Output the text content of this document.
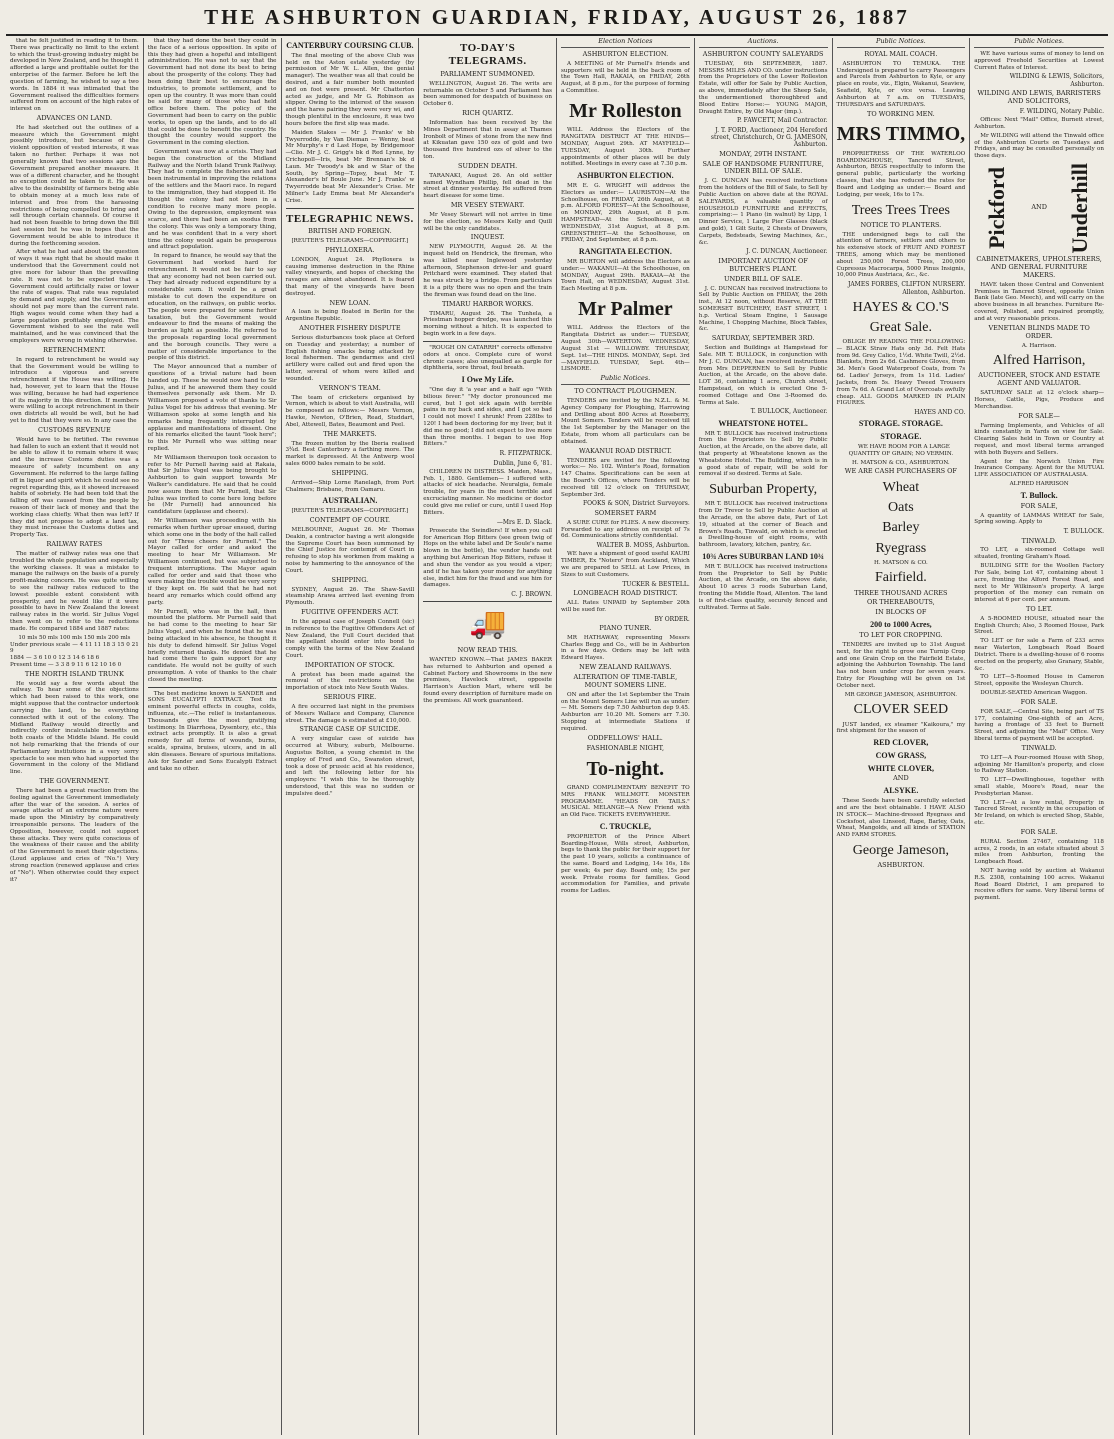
THE ASHBURTON GUARDIAN, FRIDAY, AUGUST 26, 1887

that he felt justified in reading it to them. There was practically no limit to the extent to which the trust-growing industry might be developed in New Zealand, and he thought it afforded a large and profitable outlet for the enterprise of the farmer. Before he left the question of farming, he wished to say a two words. In 1884 it was intimated that the Government realised the difficulties formers suffered from on account of the high rates of interest on

ADVANCES ON LAND.

He had sketched out the outlines of a measure which the Government might possibly introduce, but because of the violent opposition of vested interests, it was taken no further. Perhaps it was not generally known that two sessions ago the Government prepared another measure. It was of a different character, and he thought no exception could be taken to it. He was alive to the desirability of farmers being able to obtain money at a much less rate of interest and free from the harassing restrictions of being compelled to bring and sell through certain channels. Of course it had not been feasible to bring down the Bill last session but he was in hopes that the Government would be able to introduce it during the forthcoming session.

After what he had said about the question of ways it was right that he should make it understood that the Government could not give more for labour than the prevailing rate. It was not to be expected that a Government could artificially raise or lower the rate of wages. That rate was regulated by demand and supply, and the Government should not pay more than the current rate. High wages would come when they had a large population profitably employed. The Government wished to see the rate well maintained, and he was convinced that the employers were wrong in wishing otherwise.

RETRENCHMENT.

In regard to retrenchment he would say that the Government would be willing to introduce a vigorous and severe retrenchment if the House was willing. He had, however, yet to learn that the House was willing, because he had had experience of its majority in this direction. If members were willing to accept retrenchment in their own districts all would be well, but he had yet to find that they were so. In any case the

CUSTOMS REVENUE

Would have to be fortified. The revenue had fallen to such an extent that it would not be able to allow it to remain where it was; and the increase Customs duties was a measure of safety incumbent on any Government. He referred to the large falling off in liquor and spirit which he could see no regret regarding this, as it showed increased habits of sobriety. He had been told that the falling off was caused from the people by reason of their lack of money and that the working class chiefly. What then was left? If they did not propose to adopt a land tax, they must increase the Customs duties and Property Tax.

RAILWAY RATES

The matter of railway rates was one that troubled the whole population and especially the working classes. It was a mistake to manage the railways on the basis of a purely profit-making concern. He was quite willing to see the railway rates reduced to the lowest possible extent consistent with prosperity, and he would like if it were possible to have in New Zealand the lowest railway rates in the world. Sir Julius Vogel then went on to refer to the reductions made. He compared 1884 and 1887 rates:

10 mls 50 mls 100 mls 150 mls 200 mls
Under previous scale — 4 11 11 18 3 15 0 21 9
1884 — 3 6 10 0 12 3 14 6 18 6
Present time — 3 3 8 9 11 6 12 10 16 0
THE NORTH ISLAND TRUNK

He would say a few words about the railway. To hear some of the objections which had been raised to this work, one might suppose that the contractor undertook carrying the land, to be everything connected with it out of the colony. The Midland Railway would directly and indirectly confer incalculable benefits on both coasts of the Middle Island. He could not help remarking that the friends of our Parliamentary institutions in a very sorry spectacle to see men who had supported the Government in the colony of the Midland line.

THE GOVERNMENT.

There had been a great reaction from the feeling against the Government immediately after the war of the session. A series of savage attacks of an extreme nature were made upon the Ministry by comparatively irresponsible persons. The leaders of the Opposition, however, could not support these attacks. They were quite conscious of the weakness of their cause and the ability of the Government to meet their objections. (Loud applause and cries of "No.") Very strong reaction (renewed applause and cries of "No"). When otherwise could they expect it?

that they had done the best they could in the face of a serious opposition. In spite of this they had given a hopeful and intelligent administration. He was not to say that the Government had not done its best to bring about the prosperity of the colony. They had been doing their best to encourage the industries, to promote settlement, and to open up the country. It was more than could be said for many of those who had held office before them. The policy of the Government had been to carry on the public works, to open up the lands, and to do all that could be done to benefit the country. He thought the country would support the Government in the coming election.

Government was now at a crisis. They had begun the construction of the Midland Railway and the North Island Trunk Railway. They had to complete the fisheries and had been instrumental in improving the relations of the settlers and the Maori race. In regard to the immigration, they had stopped it. He thought the colony had not been in a condition to receive many more people. Owing to the depression, employment was scarce, and there had been an exodus from the colony. This was only a temporary thing, and he was confident that in a very short time the colony would again be prosperous and attract population.

In regard to finance, he would say that the Government had worked hard for retrenchment. It would not be fair to say that any economy had not been carried out. They had already reduced expenditure by a considerable sum. It would be a great mistake to cut down the expenditure on education, on the railways, on public works. The people were prepared for some further taxation, but the Government would endeavour to find the means of making the burden as light as possible. He referred to the proposals regarding local government and the borough councils. They were a matter of considerable importance to the people of this district.

The Mayor announced that a number of questions of a trivial nature had been handed up. These he would now hand to Sir Julius, and if he answered them they could themselves personally ask them. Mr D. Williamson proposed a vote of thanks to Sir Julius Vogel for his address that evening. Mr Williamson spoke at some length and his remarks being frequently interrupted by applause and manifestations of dissent. One of his remarks elicited the taunt "look here"; to this Mr Purnell who was sitting near replied.

Mr Williamson thereupon took occasion to refer to Mr Purnell having said at Rakaia, that Sir Julius Vogel was being brought to Ashburton to gain support towards Mr Walker's candidature. He said that he could now assure them that Mr Purnell, that Sir Julius was invited to come here long before he (Mr Purnell) had announced his candidature (applause and cheers).

Mr Williamson was proceeding with his remarks when further uproar ensued, during which some one in the body of the hall called out for "Three cheers for Purnell." The Mayor called for order and asked the meeting to hear Mr Williamson. Mr Williamson continued, but was subjected to frequent interruptions. The Mayor again called for order and said that those who were making the trouble would be very sorry if they kept on. He said that he had not heard any remarks which could offend any party.

Mr Purnell, who was in the hall, then mounted the platform. Mr Purnell said that he had come to the meeting to hear Sir Julius Vogel, and when he found that he was being attacked in his absence, he thought it his duty to defend himself. Sir Julius Vogel briefly returned thanks. He denied that he had come there to gain support for any candidate. He would not be guilty of such presumption. A vote of thanks to the chair closed the meeting.

The best medicine known is SANDER and SONS EUCALYPTI EXTRACT. Test its eminent powerful effects in coughs, colds, influenza, etc.—The relief is instantaneous. Thousands give the most gratifying testimony. In Diarrhoea, Dysentery, etc., this extract acts promptly. It is also a great remedy for all forms of wounds, burns, scalds, sprains, bruises, ulcers, and in all skin diseases. Beware of spurious imitations. Ask for Sander and Sons Eucalypti Extract and take no other.

CANTERBURY COURSING CLUB.

The final meeting of the above Club was held on the Aston estate yesterday (by permission of Mr W. L. Allen, the genial manager). The weather was all that could be desired, and a fair number both mounted and on foot were present. Mr Chatterton acted as judge, and Mr G. Robinson as slipper. Owing to the interest of the season and the hares pairing they were very wi, and though plentiful in the enclosure, it was two hours before the first slip was made.

Maiden Stakes — Mr J. Franks' w bb Twyerrodde, by Van Dieman — Wenny, beat Mr Murphy's r d Last Hope, by Bridgemoor—Clio. Mr J. C. Grigg's bk d Red Lynne, by Crichopoll—Iris, beat Mr Brennan's bk d Laun. Mr Twoody's bk and w Star of the South, by Spring—Topsy, beat Mr T. Alexander's bf Boule June. Mr J. Franks' w Twyerrodde beat Mr Alexander's Crise. Mr Milner's Lady Emma beat Mr Alexander's Crise.

TELEGRAPHIC NEWS.
BRITISH AND FOREIGN.
[REUTER'S TELEGRAMS—COPYRIGHT.]
PHYLLOXERA.

LONDON, August 24. Phylloxera is causing immense destruction in the Rhine valley vineyards, and hopes of checking the ravages are almost abandoned. It is feared that many of the vineyards have been destroyed.

NEW LOAN.

A loan is being floated in Berlin for the Argentine Republic.

ANOTHER FISHERY DISPUTE

Serious disturbances took place at Orford on Tuesday and yesterday; a number of English fishing smacks being attacked by local fishermen. The gendarmes and civil artillery were called out and fired upon the latter, several of whom were killed and wounded.

VERNON'S TEAM.

The team of cricketers organised by Vernon, which is about to visit Australia, will be composed as follows:— Messrs Vernon, Hawke, Newton, O'Brien, Read, Studdart, Abel, Attewell, Bates, Beaumont and Peel.

THE MARKETS.

The frozen mutton by the Iberia realised 3¾d. Best Canterbury a farthing more. The market is depressed. At the Antwerp wool sales 6000 bales remain to be sold.

SHIPPING.

Arrived—Ship Lorne Ranelagh, from Port Chalmers; Brisbane, from Oamaru.

AUSTRALIAN.
[REUTER'S TELEGRAMS—COPYRIGHT.]
CONTEMPT OF COURT.

MELBOURNE, August 26. Mr Thomas Deakin, a contractor having a writ alongside the Supreme Court has been summoned by the Chief Justice for contempt of Court in refusing to stop his workmen from making a noise by hammering to the annoyance of the Court.

SHIPPING.

SYDNEY, August 26. The Shaw-Savill steamship Arawa arrived last evening from Plymouth.

FUGITIVE OFFENDERS ACT.

In the appeal case of Joseph Connell (sic) in reference to the Fugitive Offenders Act of New Zealand, the Full Court decided that the appellant should enter into bond to comply with the terms of the New Zealand Court.

IMPORTATION OF STOCK.

A protest has been made against the removal of the restrictions on the importation of stock into New South Wales.

SERIOUS FIRE.

A fire occurred last night in the premises of Messrs Wallace and Company, Clarence street. The damage is estimated at £10,000.

STRANGE CASE OF SUICIDE.

A very singular case of suicide has occurred at Wibury, suburb, Melbourne. Augustus Bolton, a young chemist in the employ of Fred and Co., Swanston street, took a dose of prussic acid at his residence, and left the following letter for his employers: "I wish this to be thoroughly understood, that this was no sudden or impulsive deed."

TO-DAY'S TELEGRAMS.
PARLIAMENT SUMMONED.

WELLINGTON, August 26. The writs are returnable on October 5 and Parliament has been summoned for despatch of business on October 6.

RICH QUARTZ.

Information has been received by the Mines Department that in assay at Thames Ironbolt of Mines of stone from the new find at Kikuatan gave 150 ozs of gold and two thousand five hundred ozs of silver to the ton.

SUDDEN DEATH.

TARANAKI, August 26. An old settler named Wyndham Phillip, fell dead in the street at dinner yesterday. He suffered from heart disease for some time.

MR VESEY STEWART.

Mr Vesey Stewart will not arrive in time for the election, so Messrs Kelly and Quill will be the only candidates.

INQUEST.

NEW PLYMOUTH, August 26. At the inquest held on Hendrick, the fireman, who was killed near Inglewood yesterday afternoon, Stephenson drive-ler and guard Pritchard were examined. They stated that he was struck by a bridge. From particulars it is a pity there was no open and the train the fireman was found dead on the line.

TIMARU HARBOR WORKS.

TIMARU, August 26. The Tunhela, a Priestman hopper dredge, was launched this morning without a hitch. It is expected to begin work in a few days.

"ROUGH ON CATARRH" corrects offensive odors at once. Complete cure of worst chronic cases; also unequalled as gargle for diphtheria, sore throat, foul breath.

I Owe My Life.

"One day it 'a year and a half ago "With bilious fever." "My doctor pronounced me cured, but I got sick again with terrible pains in my back and sides, and I got so bad I could not move! I shrunk! From 228lbs to 120! I had been doctoring for my liver, but it did me no good; I did not expect to live more than three months. I began to use Hop Bitters."

R. FITZPATRICK.
Dublin, June 6, '81.

CHILDREN IN DISTRESS. Maiden, Mass., Feb. 1, 1880. Gentlemen— I suffered with attacks of sick headache. Neuralgia, female trouble, for years in the most terrible and excruciating manner. No medicine or doctor could give me relief or cure, until I used Hop Bitters.

—Mrs E. D. Slack.

Prosecute the Swindlers! If when you call for American Hop Bitters (see green twig of Hops on the white label and Dr Soule's name blown in the bottle), the vendor hands out anything but American Hop Bitters, refuse it and shun the vendor as you would a viper; and if he has taken your money for anything else, indict him for the fraud and sue him for damages.

C. J. BROWN.
🚚
NOW READ THIS.

WANTED KNOWN.—That JAMES BAKER has returned to Ashburton and opened a Cabinet Factory and Showrooms in the new premises, Havelock street, opposite Harrison's Auction Mart, where will be found every description of furniture made on the premises. All work guaranteed.

Election Notices
ASHBURTON ELECTION.

A MEETING of Mr Purnell's friends and supporters will be held in the back room of the Town Hall, RAKAIA, on FRIDAY, 26th August, at 8 p.m., for the purpose of forming a Committee.

Mr Rolleston

WILL Address the Electors of the RANGITATA DISTRICT AT THE HINDS—MONDAY, August 29th. AT MAYFIELD—TUESDAY, August 30th. Further appointments of other places will be duly notified. Meetings in every case at 7.30 p.m.

ASHBURTON ELECTION.

MR E. G. WRIGHT will address the Electors as under:— LAURISTON—At the Schoolhouse, on FRIDAY, 26th August, at 8 p.m. ALFORD FOREST—At the Schoolhouse, on MONDAY, 29th August, at 8 p.m. HAMPSTEAD—At the Schoolhouse, on WEDNESDAY, 31st August, at 8 p.m. GREENSTREET—At the Schoolhouse, on FRIDAY, 2nd September, at 8 p.m.

RANGITATA ELECTION.

MR BURTON will address the Electors as under:— WAKANUI—At the Schoolhouse, on MONDAY, August 29th. RAKAIA—At the Town Hall, on WEDNESDAY, August 31st. Each Meeting at 8 p.m.

Mr Palmer

WILL Address the Electors of the Rangitata District as under:— TUESDAY, August 30th—WATERTON. WEDNESDAY, August 31st — WILLOWBY. THURSDAY, Sept. 1st—THE HINDS. MONDAY, Sept. 3rd—MAYFIELD. TUESDAY, Sept. 4th—LISMORE.

Public Notices.
TO CONTRACT PLOUGHMEN.

TENDERS are invited by the N.Z.L. & M. Agency Company for Ploughing, Harrowing and Drilling about 800 Acres at Roseberry, Mount Somers. Tenders will be received till the 1st September by the Manager on the Estate, from whom all particulars can be obtained.

WAKANUI ROAD DISTRICT.

TENDERS are invited for the following works:— No. 102. Winter's Road, formation 147 Chains. Specifications can be seen at the Board's Offices, where Tenders will be received till 12 o'clock on THURSDAY, September 3rd.

FOOKS & SON, District Surveyors.
SOMERSET FARM

A SURE CURE for FLIES. A new discovery. Forwarded to any address on receipt of 7s 6d. Communications strictly confidential.

WALTER B. MOSS, Ashburton.

WE have a shipment of good useful KAURI TIMBER, Ex "Notero" from Auckland, Which we are prepared to SELL at Low Prices, in Sizes to suit Customers.

TUCKER & BESTELL.
LONGBEACH ROAD DISTRICT.

ALL Rates UNPAID by September 20th will be sued for.

BY ORDER.
PIANO TUNER.

MR HATHAWAY, representing Messrs Charles Begg and Co., will be in Ashburton in a few days. Orders may be left with Edward Hayes.

NEW ZEALAND RAILWAYS.
ALTERATION OF TIME-TABLE, MOUNT SOMERS LINE.

ON and after the 1st September the Train on the Mount Somers Line will run as under:— Mt. Somers dep 7.50 Ashburton dep 9.45. Ashburton arr 10.20 Mt. Somers arr 7.30. Stopping at intermediate Stations if required.

ODDFELLOWS' HALL.
FASHIONABLE NIGHT,
To-night.

GRAND COMPLIMENTARY BENEFIT TO MRS FRANK WILLMOTT. MONSTER PROGRAMME. "HEADS OR TAILS." MUSICAL MELANGE—A New Friend with an Old Face. TICKETS EVERYWHERE.

C. TRUCKLE,

PROPRIETOR of the Prince Albert Boarding-House, Wills street, Ashburton, begs to thank the public for their support for the past 10 years, solicits a continuance of the same. Board and Lodging, 14s 16s, 18s per week; 4s per day. Board only, 15s per week. Private rooms for families. Good accommodation for Families, and private rooms for Ladies.

Auctions.
ASHBURTON COUNTY SALEYARDS

TUESDAY, 6th SEPTEMBER, 1887. MESSRS MILES AND CO. under instructions from the Proprietors of the Lower Rolleston Estate, will offer for Sale by Public Auction, as above, immediately after the Sheep Sale, the undermentioned thoroughbred and Blood Entire Horse:— YOUNG MAJOR, Draught Entire, by Old Major (imp.).

P. FAWCETT, Mail Contractor.
J. T. FORD, Auctioneer, 204 Hereford street, Christchurch, Or G. JAMESON, Ashburton.
MONDAY, 29TH INSTANT.
SALE OF HANDSOME FURNITURE, UNDER BILL OF SALE.

J. C. DUNCAN has received instructions from the holders of the Bill of Sale, to Sell by Public Auction on above date at the ROYAL SALEYARDS, a valuable quantity of HOUSEHOLD FURNITURE and EFFECTS, comprising:— 1 Piano (in walnut) by Lipp, 1 Dinner Service, 1 Large Pier Glasses (black and gold), 1 Gilt Suite, 2 Chests of Drawers, Carpets, Bedsteads, Sewing Machines, &c., &c.

J. C. DUNCAN, Auctioneer.
IMPORTANT AUCTION OF BUTCHER'S PLANT.
UNDER BILL OF SALE.

J. C. DUNCAN has received instructions to Sell by Public Auction on FRIDAY, the 26th inst., At 12 noon, without Reserve, AT THE SOMERSET BUTCHERY, EAST STREET, 1 h.p. Vertical Steam Engine, 1 Sausage Machine, 1 Chopping Machine, Block Tables, &c.

SATURDAY, SEPTEMBER 3RD.

Section and Buildings at Hampstead for Sale. MR T. BULLOCK, in conjunction with Mr J. C. DUNCAN, has received instructions from Mrs DEPPERNEN to Sell by Public Auction, at the Arcade, on the above date. LOT 36, containing 1 acre, Church street, Hampstead, on which is erected One 5-roomed Cottage and One 3-Roomed do. Terms at Sale.

T. BULLOCK, Auctioneer.
WHEATSTONE HOTEL.

MR T. BULLOCK has received instructions from the Proprietors to Sell by Public Auction, at the Arcade, on the above date, all that property at Wheatstone known as the Wheatstone Hotel. The Building, which is in a good state of repair, will be sold for removal if so desired. Terms at Sale.

Suburban Property,

MR T. BULLOCK has received instructions from Dr Trevor to Sell by Public Auction at the Arcade, on the above date, Part of Lot 19, situated at the corner of Beach and Brown's Roads, Tinwald, on which is erected a Dwelling-house of eight rooms, with bathroom, lavatory, kitchen, pantry, &c.

10¾ Acres SUBURBAN LAND 10¾

MR T. BULLOCK has received instructions from the Proprietor to Sell by Public Auction, at the Arcade, on the above date, About 10 acres 3 roods Suburban Land, fronting the Middle Road, Allenton. The land is of first-class quality, securely fenced and cultivated. Terms at Sale.

Public Notices.
ROYAL MAIL COACH.

ASHBURTON TO TEMUKA. THE Undersigned is prepared to carry Passengers and Parcels from Ashburton to Kyle, or any place en route, viz., Elgin, Wakanui, Seaview, Seafield, Kyle, or vice versa. Leaving Ashburton at 7 a.m. on TUESDAYS, THURSDAYS and SATURDAYS.

TO WORKING MEN.
MRS TIMMO,

PROPRIETRESS OF THE WATERLOO BOARDINGHOUSE, Tancred Street, Ashburton, BEGS respectfully to inform the general public, particularly the working classes, that she has reduced the rates for Board and Lodging as under:— Board and Lodging, per week, 16s to 17s.

Trees Trees Trees
NOTICE TO PLANTERS.

THE undersigned begs to call the attention of farmers, settlers and others to his extensive stock of FRUIT AND FOREST TREES, among which may be mentioned about 250,000 Forest Trees, 200,000 Cupressus Macrocarpa, 5000 Pinus Insignis, 10,000 Pinus Austriaca, &c., &c.

JAMES FORBES, CLIFTON NURSERY. Allenton, Ashburton.
HAYES & CO.'S
Great Sale.

OBLIGE BY READING THE FOLLOWING:— BLACK Straw Hats only 3d. Felt Hats from 9d. Grey Calico, 1½d. White Twill, 2½d. Blankets, from 2s 6d. Cashmere Gloves, from 3d. Men's Good Waterproof Coats, from 7s 6d. Ladies' Jerseys, from 1s 11d. Ladies' Jackets, from 5s. Heavy Tweed Trousers from 7s 6d. A Grand Lot of Overcoats awfully cheap. ALL GOODS MARKED IN PLAIN FIGURES.

HAYES AND CO.
STORAGE. STORAGE.
STORAGE.

WE HAVE ROOM FOR A LARGE QUANTITY OF GRAIN; NO VERMIN.

H. MATSON & CO., ASHBURTON.
WE ARE CASH PURCHASERS OF
Wheat
Oats
Barley
Ryegrass
H. MATSON & CO.
Fairfield.
THREE THOUSAND ACRES
OR THEREABOUTS,
IN BLOCKS OF
200 to 1000 Acres,
TO LET FOR CROPPING.

TENDERS are invited up to 31st August next, for the right to grow one Turnip Crop and one Grain Crop on the Fairfield Estate, adjoining the Ashburton Township. The land has not been under crop for seven years. Entry for Ploughing will be given on 1st October next.

MR GEORGE JAMESON, ASHBURTON.
CLOVER SEED

JUST landed, ex steamer "Kaikoura," my first shipment for the season of

RED CLOVER,
COW GRASS,
WHITE CLOVER,
AND
ALSYKE.

These Seeds have been carefully selected and are the best obtainable. I HAVE ALSO IN STOCK— Machine-dressed Ryegrass and Cocksfoot, also Linseed, Rape, Barley, Oats, Wheat, Mangolds, and all kinds of STATION AND FARM STORES.

George Jameson,
ASHBURTON.
Public Notices.

WE have various sums of money to lend on approved Freehold Securities at Lowest Current Rates of Interest.

WILDING & LEWIS, Solicitors, Ashburton.
WILDING AND LEWIS, BARRISTERS AND SOLICITORS,
F. WILDING, Notary Public.

Offices: Next "Mail" Office, Burnett street, Ashburton.

Mr WILDING will attend the Tinwald office of the Ashburton Courts on Tuesdays and Fridays, and may be consulted personally on those days.

Pickford	AND Underhill
CABINETMAKERS, UPHOLSTERERS, AND GENERAL FURNITURE MAKERS.

HAVE taken those Central and Convenient Premises in Tancred Street, opposite Union Bank (late Geo. Meech), and will carry on the above business in all branches. Furniture Re-covered, Polished, and repaired promptly, and at very reasonable prices.

VENETIAN BLINDS MADE TO ORDER.
A. Harrison.
Alfred Harrison,
AUCTIONEER, STOCK AND ESTATE AGENT AND VALUATOR.

SATURDAY SALE at 12 o'clock sharp—Horses, Cattle, Pigs, Produce and Merchandise.

FOR SALE—

Farming Implements, and Vehicles of all kinds constantly in Yards on view for Sale. Clearing Sales held in Town or Country at request, and most liberal terms arranged with both Buyers and Sellers.

Agent for the Norwich Union Fire Insurance Company. Agent for the MUTUAL LIFE ASSOCIATION OF AUSTRALASIA.

ALFRED HARRISON
T. Bullock.
FOR SALE,

A quantity of LAMMAS WHEAT for Sale, Spring sowing. Apply to

T. BULLOCK.
TINWALD.

TO LET, a six-roomed Cottage well situated, fronting Graham's Road.

BUILDING SITE for the Woollen Factory For Sale, being Lot 47, containing about 1 acre, fronting the Alford Forest Road, and next to Mr Wilkinson's property. A large proportion of the money can remain on interest at 6 per cent. per annum.

TO LET.

A 5-ROOMED HOUSE, situated near the English Church; Also, 3 Roomed House, Park Street.

TO LET or for sale a Farm of 233 acres near Waterton, Longbeach Road Board District. There is a dwelling-house of 6 rooms erected on the property, also Granary, Stable, &c.

TO LET—5-Roomed House in Cameron Street, opposite the Wesleyan Church.

DOUBLE-SEATED American Waggon.

FOR SALE.

FOR SALE,—Central Site, being part of TS 177, containing One-eighth of an Acre, having a frontage of 33 feet to Burnett Street, and adjoining the "Mail" Office. Very liberal terms of payment will be accepted.

TINWALD.

TO LET—A Four-roomed House with Shop, adjoining Mr Hamilton's property, and close to Railway Station.

TO LET—Dwellinghouse, together with small stable, Moore's Road, near the Presbyterian Manse.

TO LET—At a low rental, Property in Tancred Street, recently in the occupation of Mr Ireland, on which is erected Shop, Stable, etc.

FOR SALE.

RURAL Section 27467, containing 118 acres, 2 roods, in an estate situated about 3 miles from Ashburton, fronting the Longbeach Road.

NOT having sold by auction at Wakanui R.S. 2308, containing 100 acres. Wakanui Road Board District, I am prepared to receive offers for same. Very liberal terms of payment.
